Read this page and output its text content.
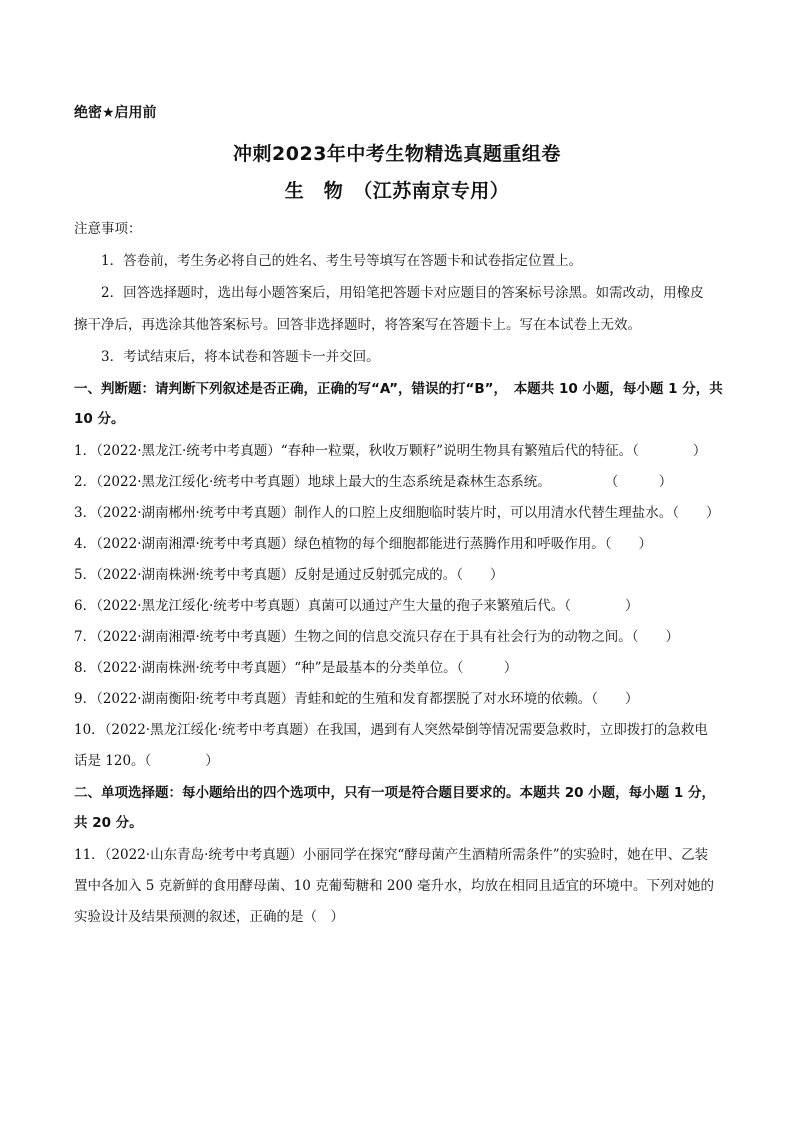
绝密★启用前
冲刺2023年中考生物精选真题重组卷
生　物　（江苏南京专用）
注意事项：
1．答卷前，考生务必将自己的姓名、考生号等填写在答题卡和试卷指定位置上。
2．回答选择题时，选出每小题答案后，用铅笔把答题卡对应题目的答案标号涂黑。如需改动，用橡皮
擦干净后，再选涂其他答案标号。回答非选择题时，将答案写在答题卡上。写在本试卷上无效。
3．考试结束后，将本试卷和答题卡一并交回。
一、判断题：请判断下列叙述是否正确，正确的写“A”，错误的打“B”，　本题共 10 小题，每小题 1 分，共
10 分。
1．（2022·黑龙江·统考中考真题）“春种一粒粟，秋收万颗籽”说明生物具有繁殖后代的特征。（　　　　）
2．（2022·黑龙江绥化·统考中考真题）地球上最大的生态系统是森林生态系统。　　　　　（　　　）
3．（2022·湖南郴州·统考中考真题）制作人的口腔上皮细胞临时装片时，可以用清水代替生理盐水。（　　）
4．（2022·湖南湘潭·统考中考真题）绿色植物的每个细胞都能进行蒸腾作用和呼吸作用。（　　）
5．（2022·湖南株洲·统考中考真题）反射是通过反射弧完成的。（　　）
6．（2022·黑龙江绥化·统考中考真题）真菌可以通过产生大量的孢子来繁殖后代。（　　　　）
7．（2022·湖南湘潭·统考中考真题）生物之间的信息交流只存在于具有社会行为的动物之间。（　　）
8．（2022·湖南株洲·统考中考真题）“种”是最基本的分类单位。（　　　）
9．（2022·湖南衡阳·统考中考真题）青蛙和蛇的生殖和发育都摆脱了对水环境的依赖。（　　）
10．（2022·黑龙江绥化·统考中考真题）在我国，遇到有人突然晕倒等情况需要急救时，立即拨打的急救电
话是 120。（　　　　）
二、单项选择题：每小题给出的四个选项中，只有一项是符合题目要求的。本题共 20 小题，每小题 1 分，
共 20 分。
11．（2022·山东青岛·统考中考真题）小丽同学在探究“酵母菌产生酒精所需条件”的实验时，她在甲、乙装
置中各加入 5 克新鲜的食用酵母菌、10 克葡萄糖和 200 毫升水，均放在相同且适宜的环境中。下列对她的
实验设计及结果预测的叙述，正确的是（　）
